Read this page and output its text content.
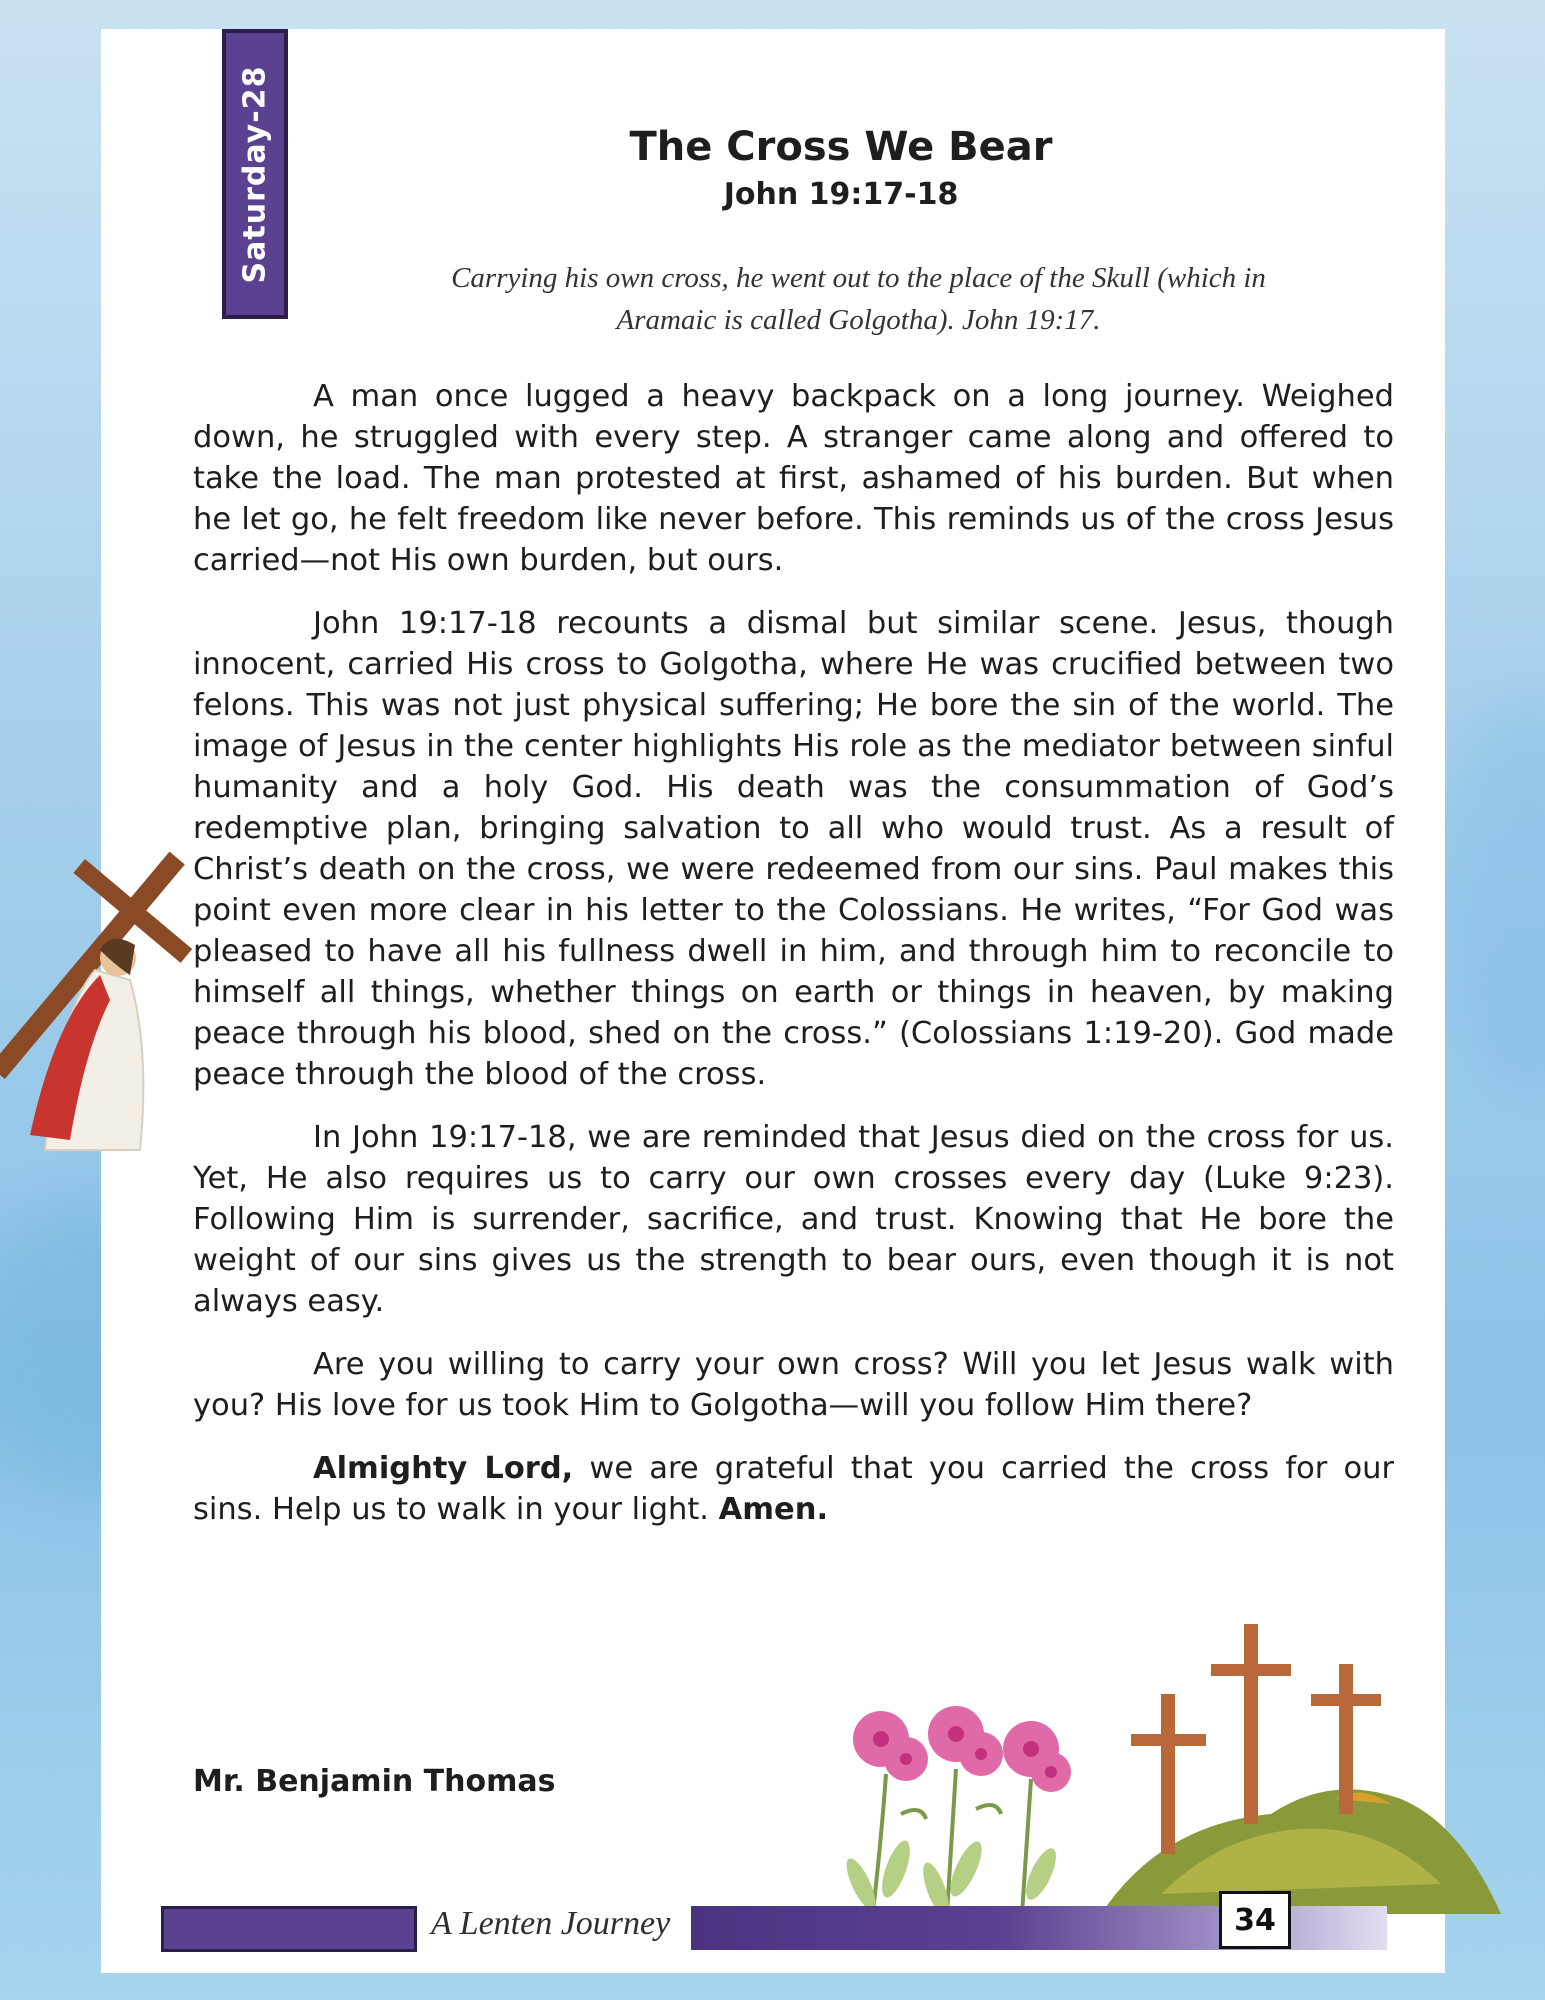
Saturday-28	The Cross We Bear
John 19:17-18
Carrying his own cross, he went out to the place of the Skull (which in
Aramaic is called Golgotha). John 19:17.

A man once lugged a heavy backpack on a long journey. Weighed down, he struggled with every step. A stranger came along and offered to take the load. The man protested at first, ashamed of his burden. But when he let go, he felt freedom like never before. This reminds us of the cross Jesus carried—not His own burden, but ours.

John 19:17-18 recounts a dismal but similar scene. Jesus, though innocent, carried His cross to Golgotha, where He was crucified between two felons. This was not just physical suffering; He bore the sin of the world. The image of Jesus in the center highlights His role as the mediator between sinful humanity and a holy God. His death was the consummation of God’s redemptive plan, bringing salvation to all who would trust. As a result of Christ’s death on the cross, we were redeemed from our sins. Paul makes this point even more clear in his letter to the Colossians. He writes, “For God was pleased to have all his fullness dwell in him, and through him to reconcile to himself all things, whether things on earth or things in heaven, by making peace through his blood, shed on the cross.” (Colossians 1:19-20). God made peace through the blood of the cross.

In John 19:17-18, we are reminded that Jesus died on the cross for us. Yet, He also requires us to carry our own crosses every day (Luke 9:23). Following Him is surrender, sacrifice, and trust. Knowing that He bore the weight of our sins gives us the strength to bear ours, even though it is not always easy.

Are you willing to carry your own cross? Will you let Jesus walk with you? His love for us took Him to Golgotha—will you follow Him there?

Almighty Lord, we are grateful that you carried the cross for our sins. Help us to walk in your light. Amen.

Mr. Benjamin Thomas
A Lenten Journey	34
